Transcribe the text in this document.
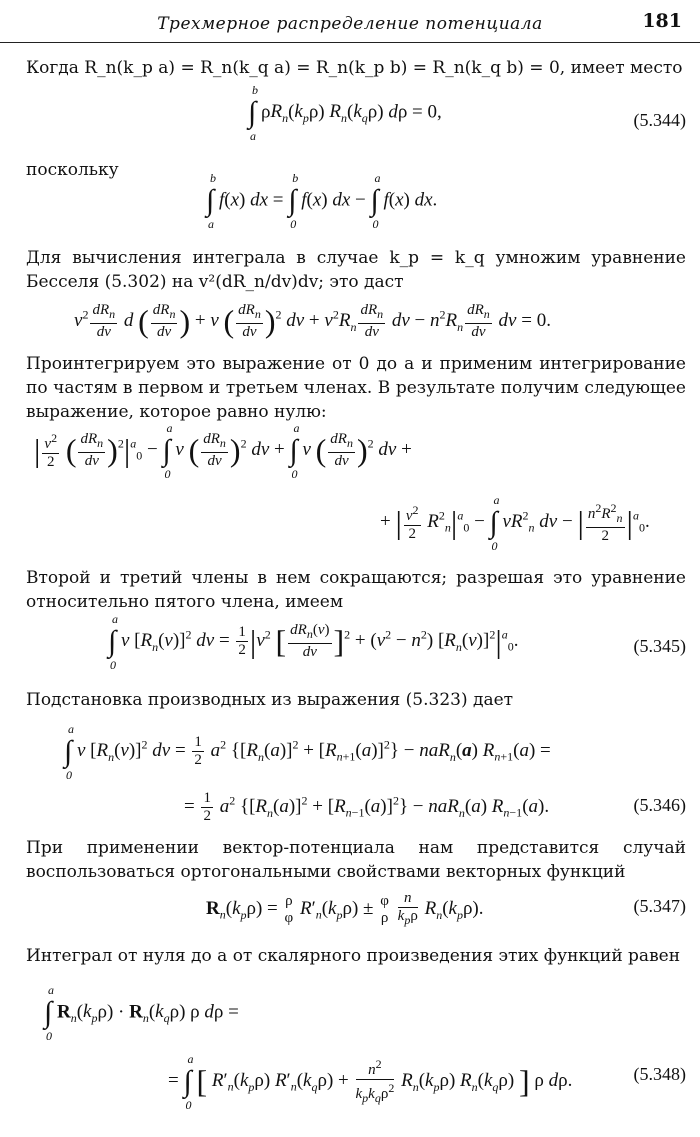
Трехмерное распределение потенциала	181
Когда R_n(k_p a) = R_n(k_q a) = R_n(k_p b) = R_n(k_q b) = 0, имеет место
b
∫
a
$\rho R_n(k_p\rho)$ $R_n(k_q\rho) d\rho = 0$,	(5.344)
поскольку	b
∫
a
f(x) dx =
b
∫
0
f(x) dx −
a
∫
0
f(x) dx.
Для вычисления интеграла в случае k_p = k_q умножим уравнение Бесселя (5.302) на v²(dR_n/dv)dv; это даст
$v^2 \frac{dR_n}{dv}$ d ( $\frac{dR_n}{dv}$ ) + v ( $\frac{dR_n}{dv} )^2$ dv + $v^2R_n \frac{dR_n}{dv}$ dv − $n^2R_n \frac{dR_n}{dv}$ dv = 0.
Проинтегрируем это выражение от 0 до a и применим интегрирование по частям в первом и третьем членах. В результате получим следующее выражение, которое равно нулю:
| $\frac{v^2}{2}$ ( $\frac{dR_n}{dv} )^2|^a_0$ −
a
∫
0
v ( $\frac{dR_n}{dv} )^2$ dv +
a
∫
0
v ( $\frac{dR_n}{dv} )^2$ dv +
+ | $\frac{v^2}{2} R^2_n|^a_0$ −
a
∫
0
$vR^2_n$ dv − | $\frac{n^2R^2_n}{2} |^a_0$.
Второй и третий члены в нем сокращаются; разрешая это уравнение относительно пятого члена, имеем
a
∫
0
v $[R_n(v)]^2$ dv = $\frac{1}{2} |v^2$ [ $\frac{dR_n(v)}{dv} ]^2 + (v^2 - n^2)$ $[R_n(v)]^2|^a_0$.	(5.345)
Подстановка производных из выражения (5.323) дает
a
∫
0
v $[R_n(v)]^2$ dv = $\frac{1}{2} a^2$ $\{[R_n(a)]^2 + [R_{n+1}(a)]^2\} - naR_n(a) R_{n+1}(a)$ =
= $\frac{1}{2} a^2$ $\{[R_n(a)]^2 + [R_{n-1}(a)]^2\} - naR_n(a)$ $R_{n-1}(a)$.	(5.346)
При применении вектор-потенциала нам представится случай воспользоваться ортогональными свойствами векторных функций
$R_n(k_p\rho) = \rho$
φ $R'_n(k_p\rho) \pm \varphi$
ρ
$\frac{n}{k_p\rho} R_n(k_p\rho)$.	(5.347)
Интеграл от нуля до a от скалярного произведения этих функций равен
a
∫
0
$R_n(k_p\rho) \cdot R_n(k_q\rho)$ ρ dρ =
=
a
∫
0
[ $R'_n(k_p\rho) R'_n(k_q\rho) + \frac{n^2}{k_pk_q\rho^2} R_n(k_p\rho)$ $R_n(k_q\rho)$ ] ρ dρ.	(5.348)
